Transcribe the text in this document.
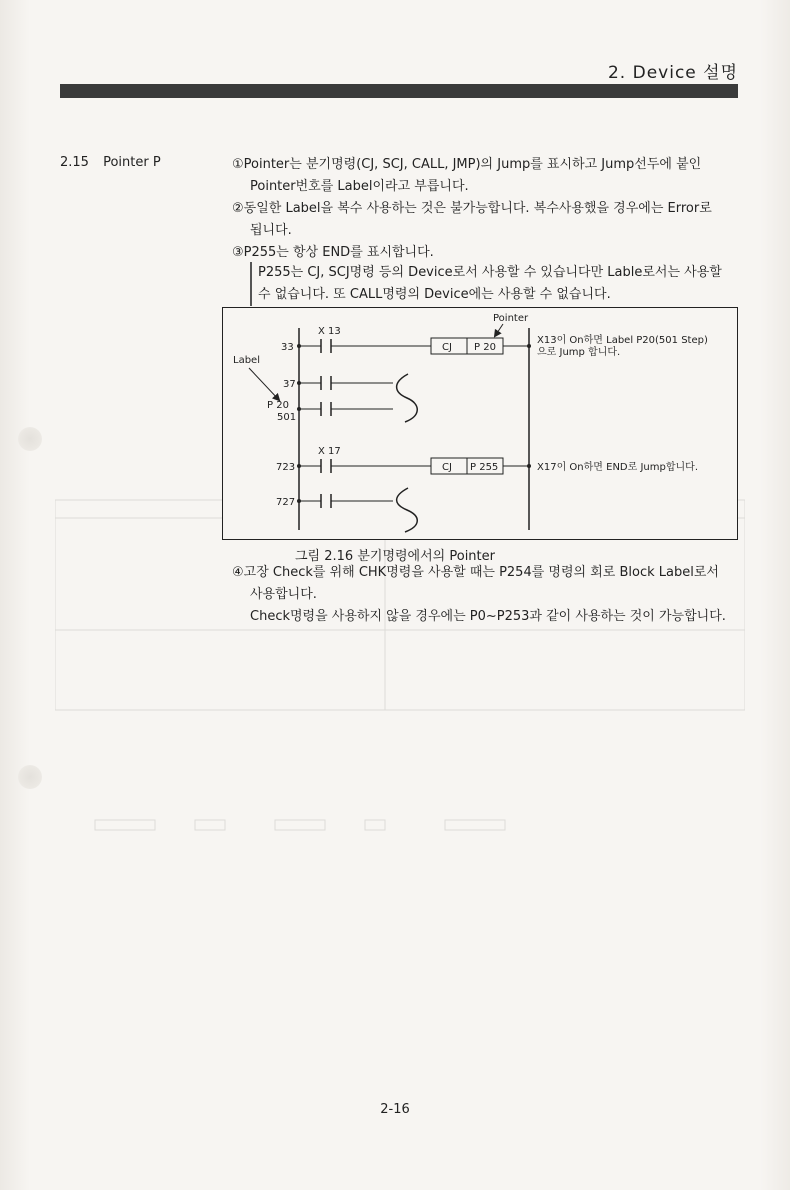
2. Device 설명
2.15 Pointer P	①Pointer는 분기명령(CJ, SCJ, CALL, JMP)의 Jump를 표시하고 Jump선두에 붙인

Pointer번호를 Label이라고 부릅니다.

②동일한 Label을 복수 사용하는 것은 불가능합니다. 복수사용했을 경우에는 Error로

됩니다.

③P255는 항상 END를 표시합니다.

P255는 CJ, SCJ명령 등의 Device로서 사용할 수 있습니다만 Lable로서는 사용할

수 없습니다. 또 CALL명령의 Device에는 사용할 수 없습니다.

33
X 13
CJ P 20
Pointer
X13이 On하면 Label P20(501 Step)
으로 Jump 합니다.
Label
37
P 20
501
X 17
723	CJ P 255	X17이 On하면 END로 Jump합니다.
727
그림 2.16 분기명령에서의 Pointer

④고장 Check를 위해 CHK명령을 사용할 때는 P254를 명령의 회로 Block Label로서

사용합니다.

Check명령을 사용하지 않을 경우에는 P0~P253과 같이 사용하는 것이 가능합니다.

2-16
